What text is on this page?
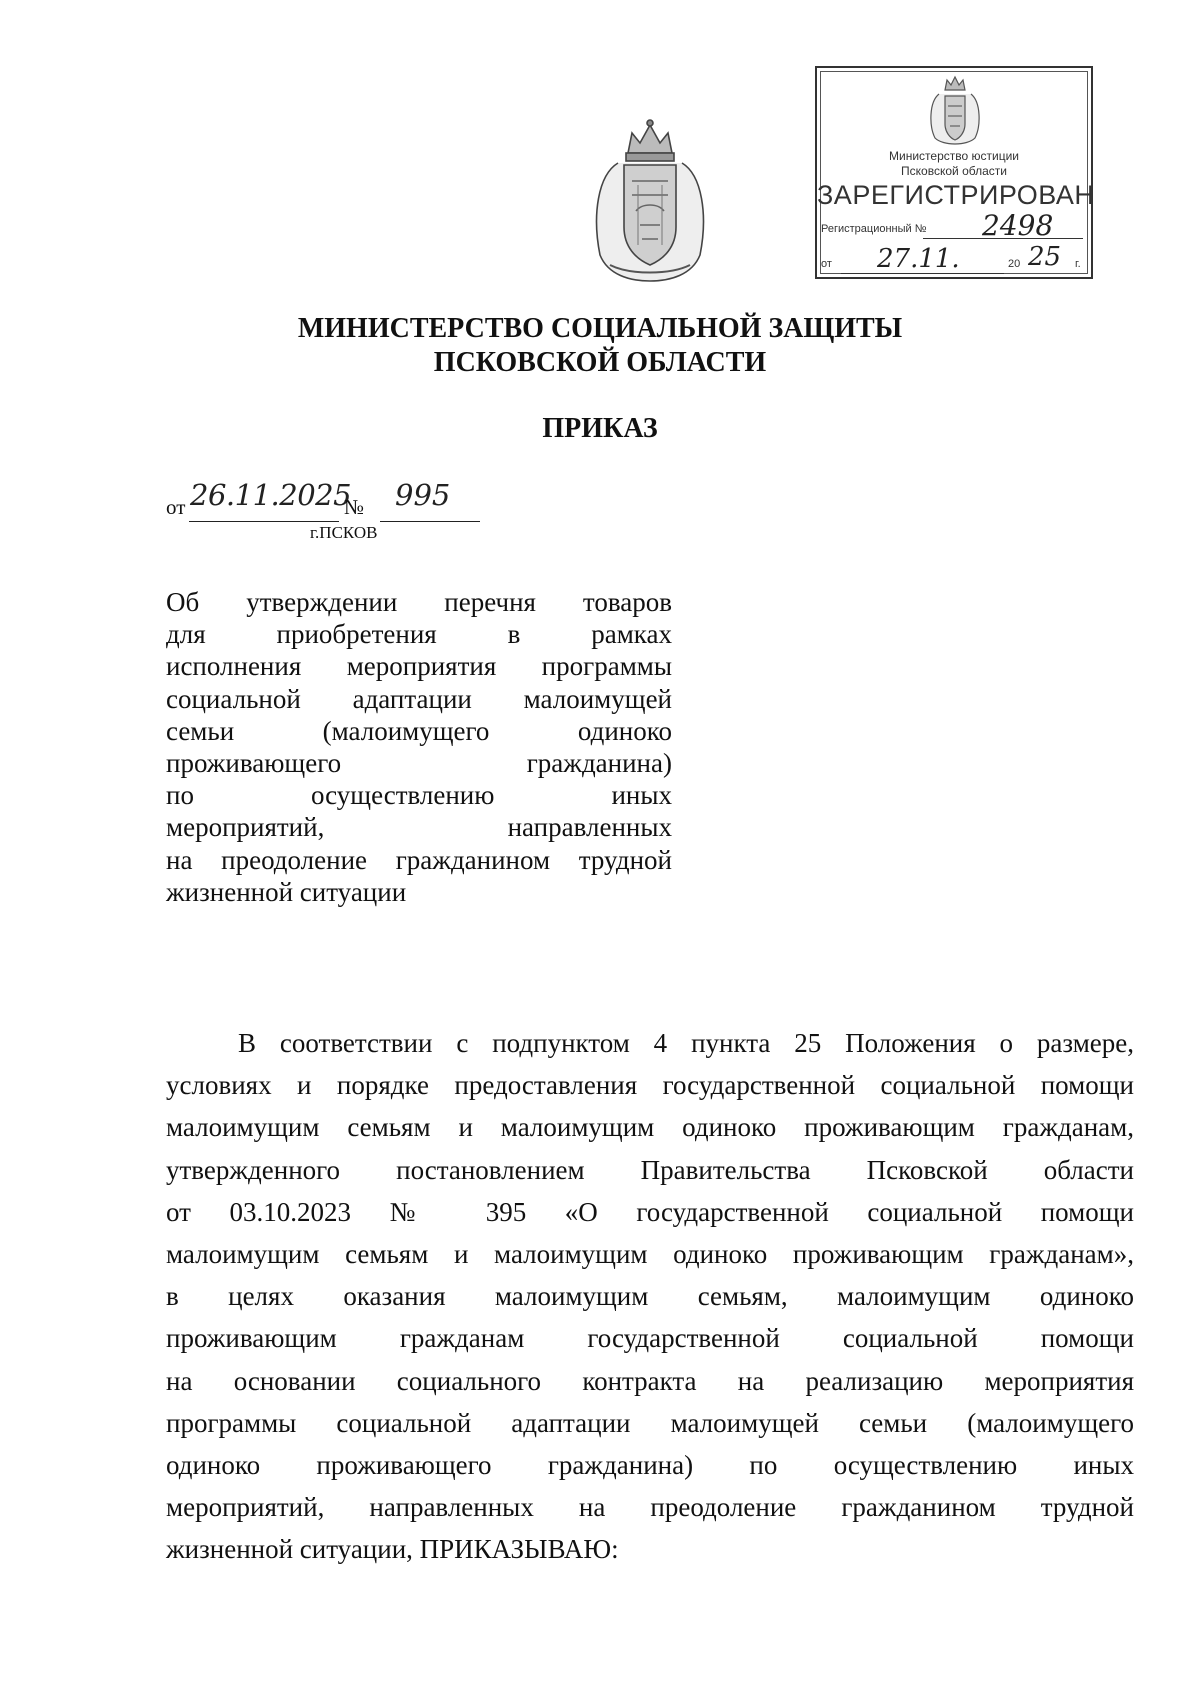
Министерство юстиции
Псковской области
ЗАРЕГИСТРИРОВАН
Регистрационный № 2498
от 27.11.	20 25 г.
МИНИСТЕРСТВО СОЦИАЛЬНОЙ ЗАЩИТЫ
ПСКОВСКОЙ ОБЛАСТИ
ПРИКАЗ
от 26.11.2025
№ 995
г.ПСКОВ
Об утверждении перечня товаров
для приобретения в рамках
исполнения мероприятия программы
социальной адаптации малоимущей
семьи (малоимущего одиноко
проживающего гражданина)
по осуществлению иных
мероприятий, направленных
на преодоление гражданином трудной
жизненной ситуации
В соответствии с подпунктом 4 пункта 25 Положения о размере,
условиях и порядке предоставления государственной социальной помощи
малоимущим семьям и малоимущим одиноко проживающим гражданам,
утвержденного постановлением Правительства Псковской области
от 03.10.2023 № 395 «О государственной социальной помощи
малоимущим семьям и малоимущим одиноко проживающим гражданам»,
в целях оказания малоимущим семьям, малоимущим одиноко
проживающим гражданам государственной социальной помощи
на основании социального контракта на реализацию мероприятия
программы социальной адаптации малоимущей семьи (малоимущего
одиноко проживающего гражданина) по осуществлению иных
мероприятий, направленных на преодоление гражданином трудной
жизненной ситуации, ПРИКАЗЫВАЮ:
